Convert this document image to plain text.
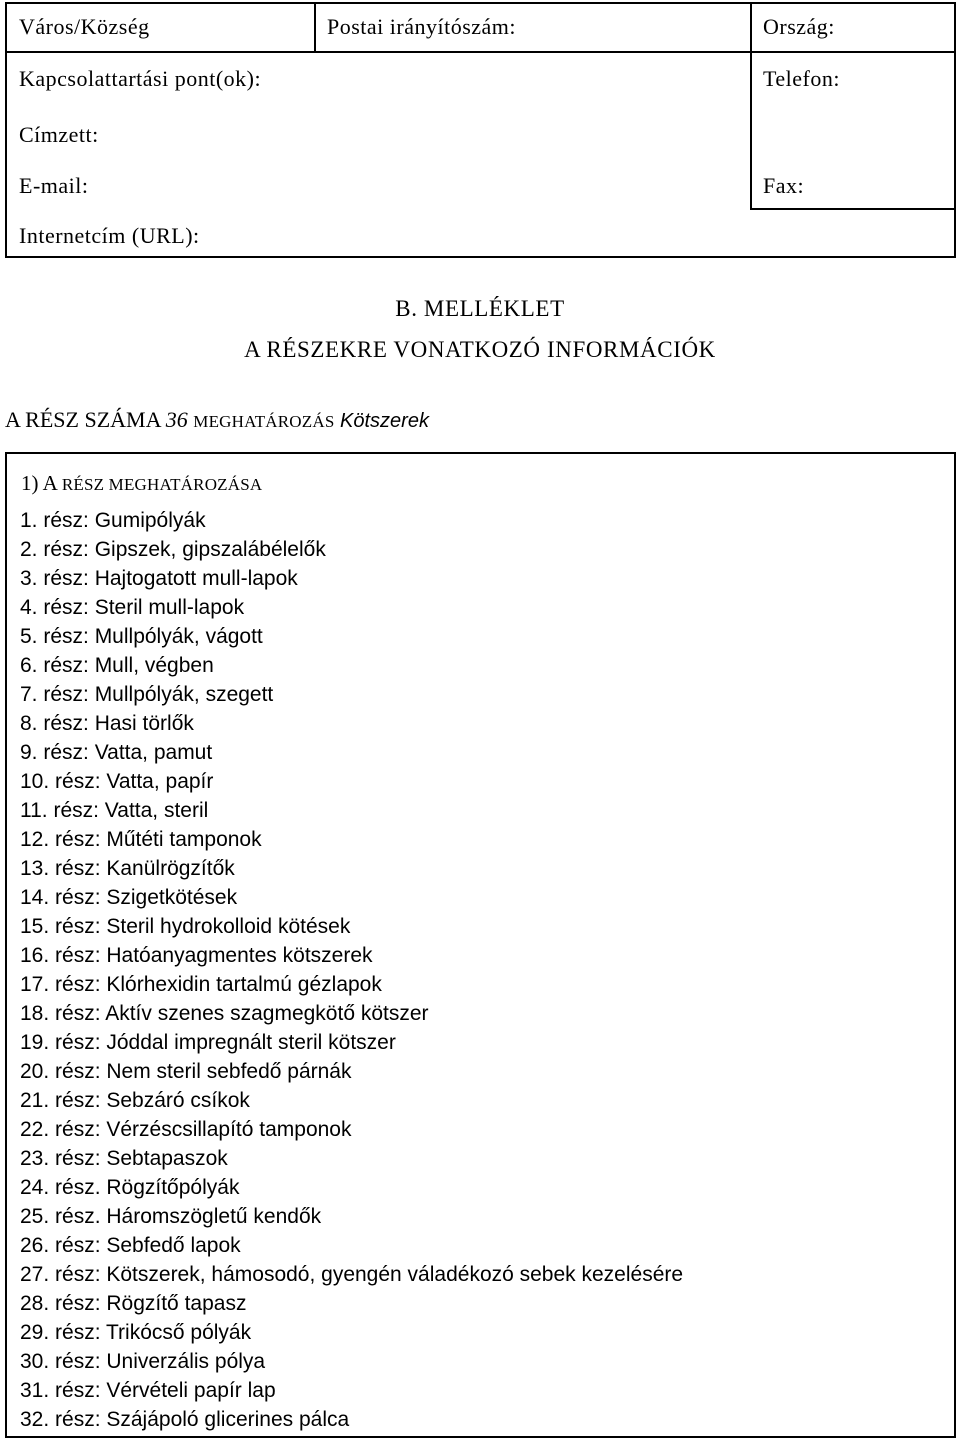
Város/Község	Postai irányítószám:	Ország:
Kapcsolattartási pont(ok):	Telefon:
Címzett:
E-mail:	Fax:
Internetcím (URL):
B. MELLÉKLET
A RÉSZEKRE VONATKOZÓ INFORMÁCIÓK
A RÉSZ SZÁMA 36 MEGHATÁROZÁS Kötszerek
1) A RÉSZ MEGHATÁROZÁSA
1. rész: Gumipólyák
2. rész: Gipszek, gipszalábélelők
3. rész: Hajtogatott mull-lapok
4. rész: Steril mull-lapok
5. rész: Mullpólyák, vágott
6. rész: Mull, végben
7. rész: Mullpólyák, szegett
8. rész: Hasi törlők
9. rész: Vatta, pamut
10. rész: Vatta, papír
11. rész: Vatta, steril
12. rész: Műtéti tamponok
13. rész: Kanülrögzítők
14. rész: Szigetkötések
15. rész: Steril hydrokolloid kötések
16. rész: Hatóanyagmentes kötszerek
17. rész: Klórhexidin tartalmú gézlapok
18. rész: Aktív szenes szagmegkötő kötszer
19. rész: Jóddal impregnált steril kötszer
20. rész: Nem steril sebfedő párnák
21. rész: Sebzáró csíkok
22. rész: Vérzéscsillapító tamponok
23. rész: Sebtapaszok
24. rész. Rögzítőpólyák
25. rész. Háromszögletű kendők
26. rész: Sebfedő lapok
27. rész: Kötszerek, hámosodó, gyengén váladékozó sebek kezelésére
28. rész: Rögzítő tapasz
29. rész: Trikócső pólyák
30. rész: Univerzális pólya
31. rész: Vérvételi papír lap
32. rész: Szájápoló glicerines pálca
